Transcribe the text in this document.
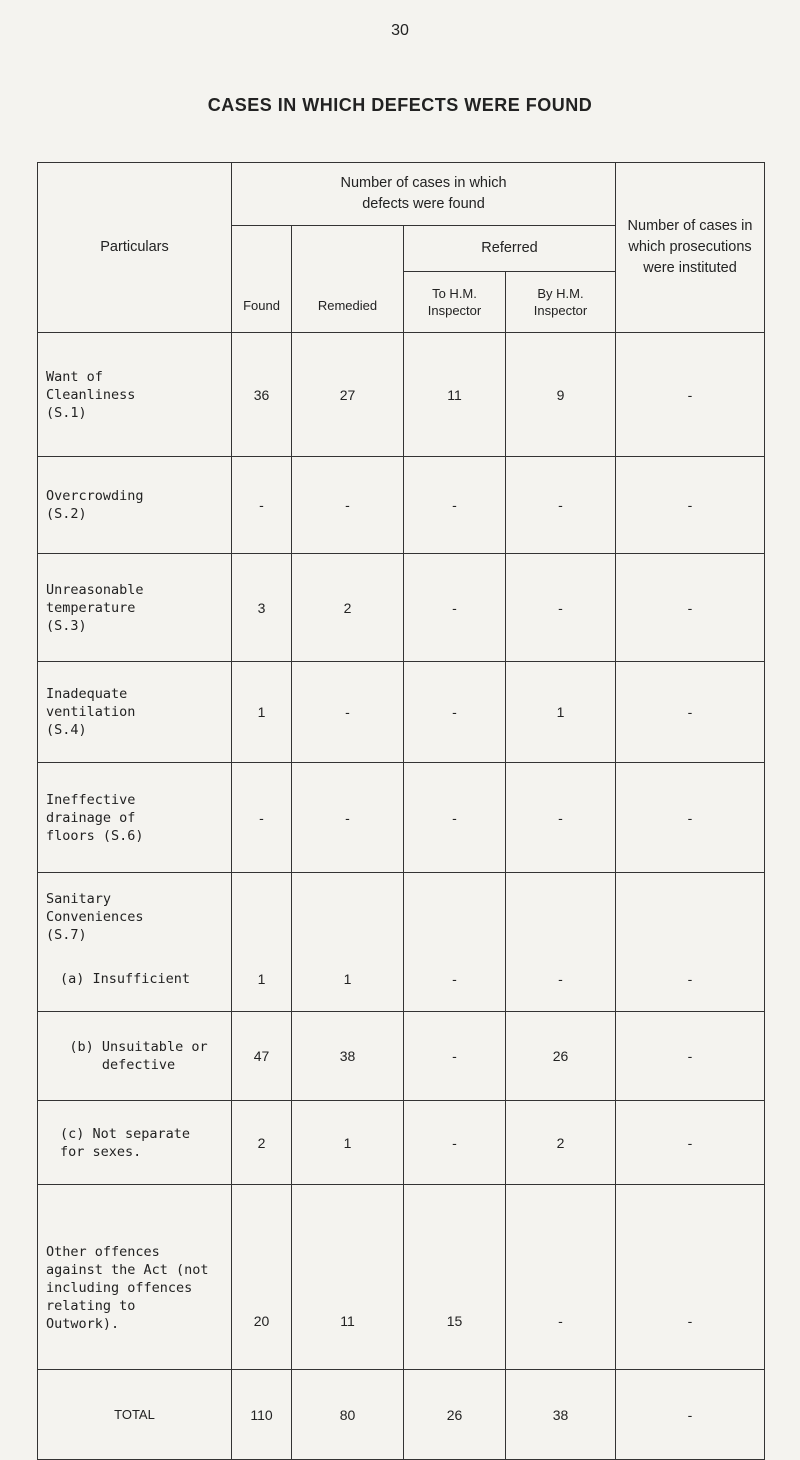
30
CASES IN WHICH DEFECTS WERE FOUND
Particulars	Number of cases in which defects were found				Number of cases in which prosecutions were instituted
	Found	Remedied	Referred		
			To H.M. Inspector	By H.M. Inspector	
Want of Cleanliness (S.1)	36	27	11	9	-
Overcrowding (S.2)	-	-	-	-	-
Unreasonable temperature (S.3)	3	2	-	-	-
Inadequate ventilation (S.4)	1	-	-	1	-
Ineffective drainage of floors (S.6)	-	-	-	-	-
Sanitary Conveniences (S.7)					
(a) Insufficient	1	1	-	-	-
(b) Unsuitable or defective	47	38	-	26	-
(c) Not separate for sexes.	2	1	-	2	-
Other offences against the Act (not including offences relating to Outwork).	20	11	15	-	-
TOTAL	110	80	26	38	-
